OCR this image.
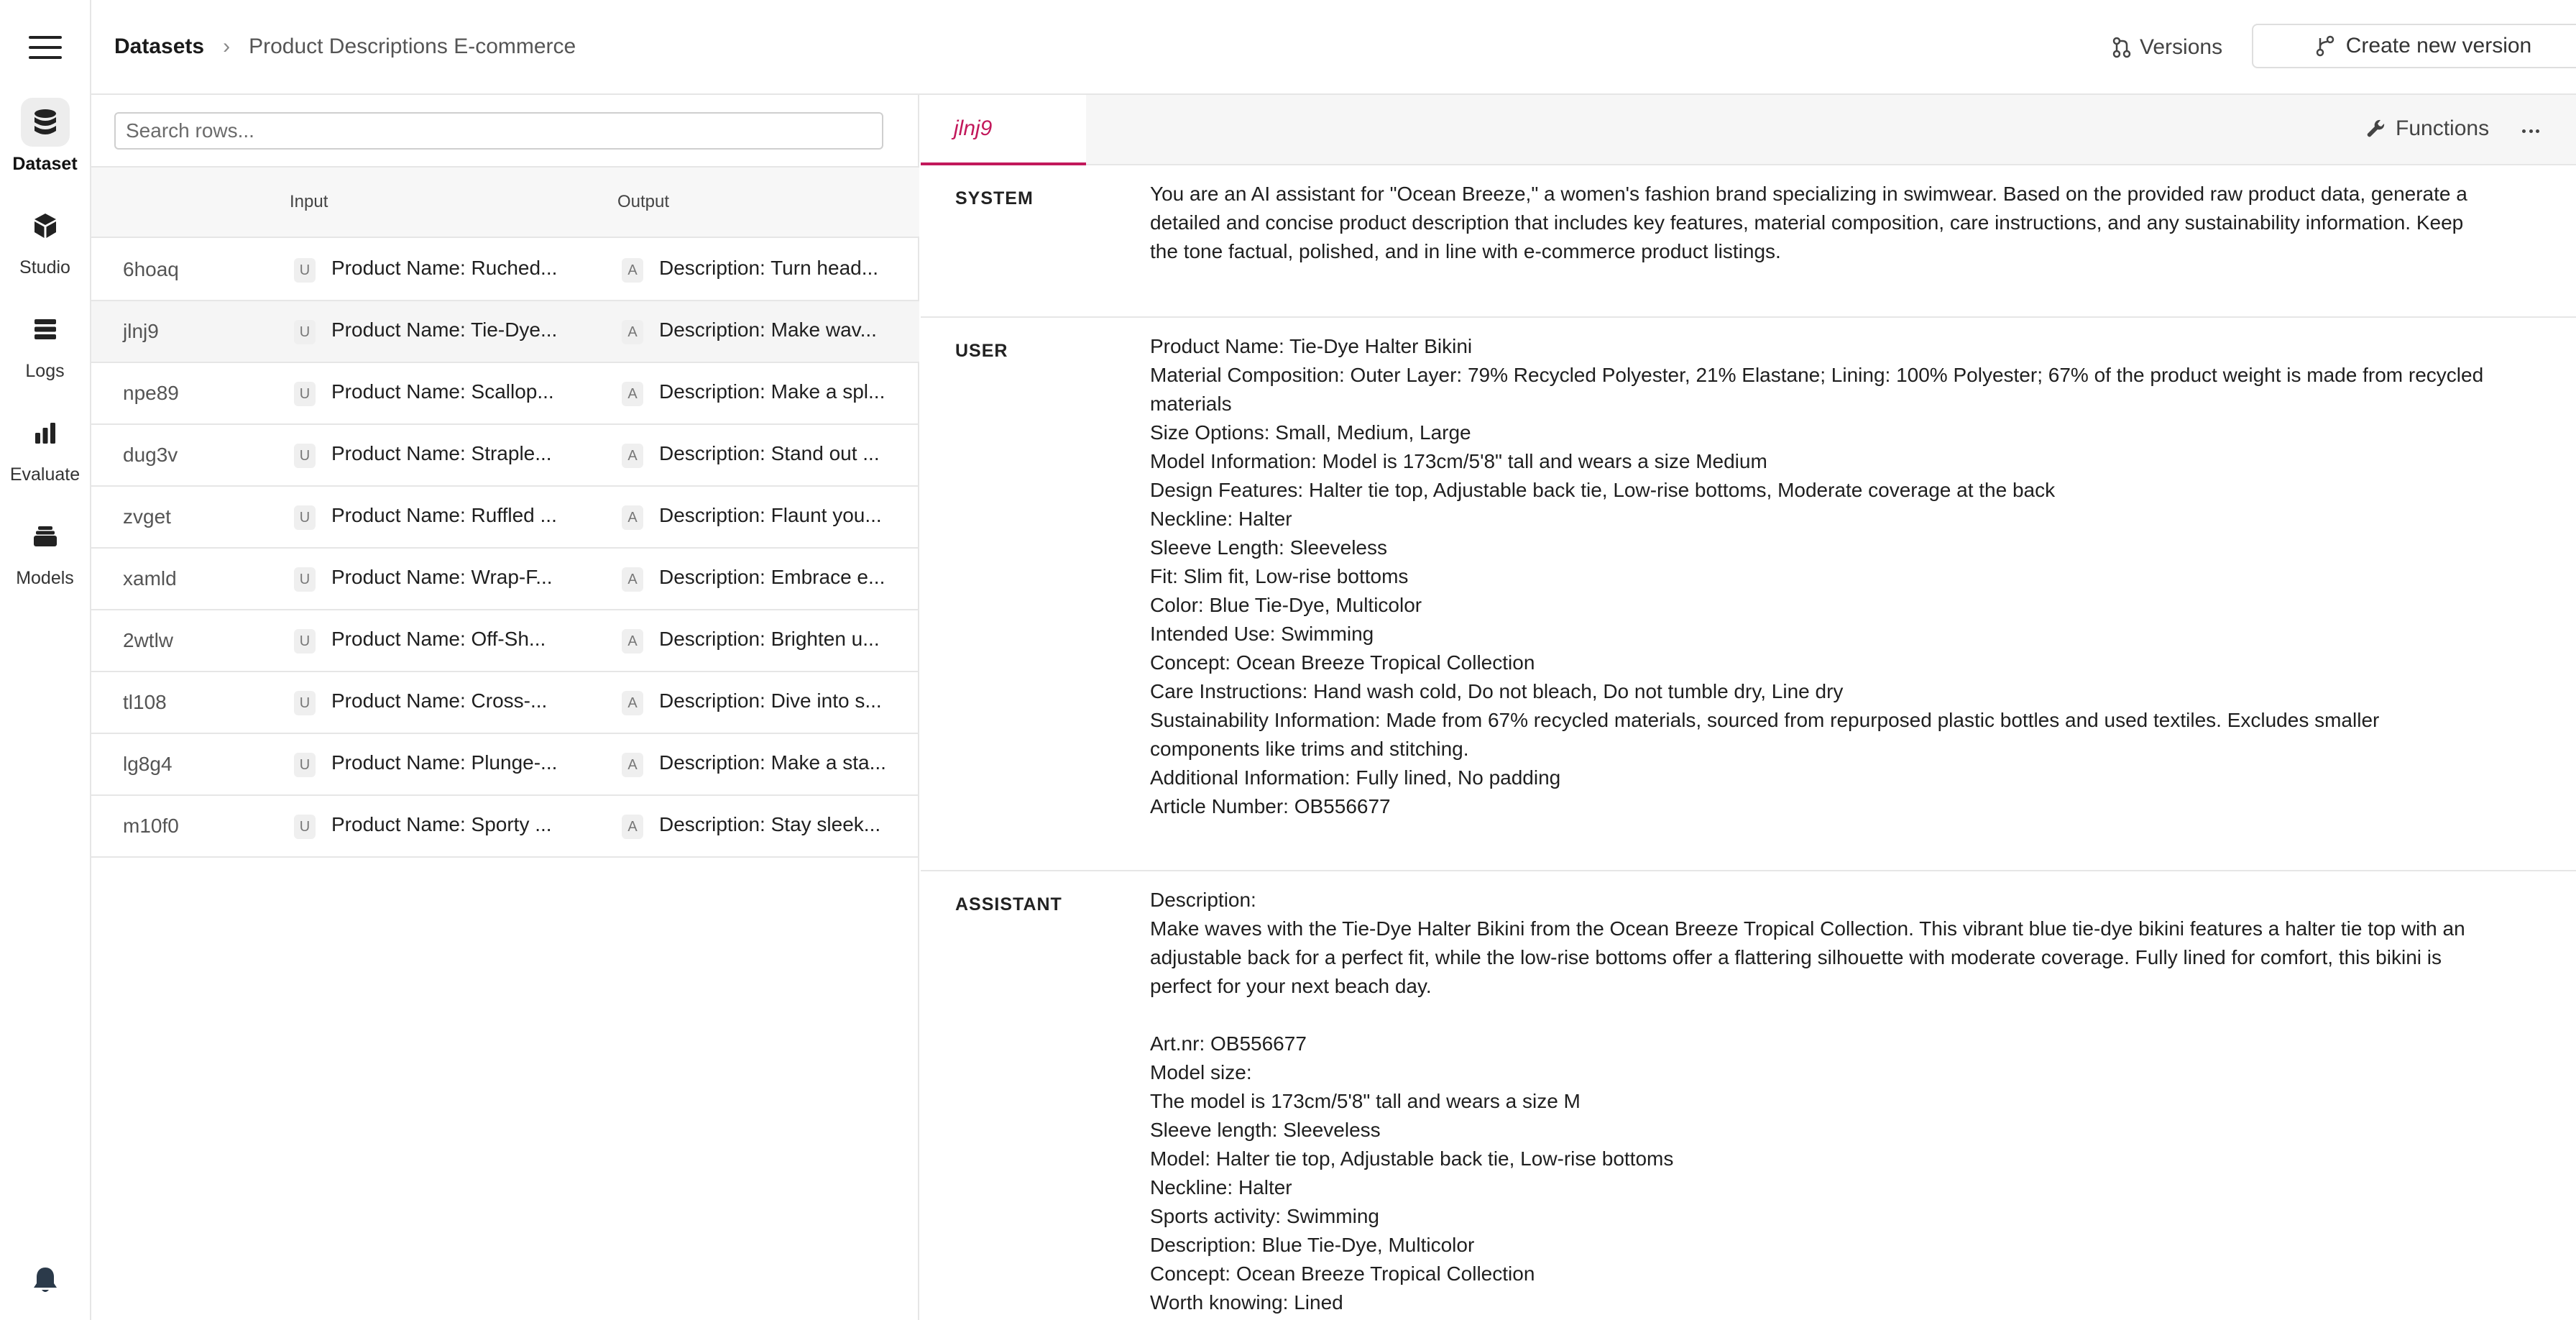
Dataset
Studio
Logs
Evaluate
Models
Datasets › Product Descriptions E-commerce	Versions	Create new version
Search rows...
Input	Output
6hoaq	U Product Name: Ruched...	A Description: Turn head...
jlnj9	U Product Name: Tie-Dye...	A Description: Make wav...
npe89	U Product Name: Scallop...	A Description: Make a spl...
dug3v	U Product Name: Straple...	A Description: Stand out ...
zvget	U Product Name: Ruffled ...	A Description: Flaunt you...
xamld	U Product Name: Wrap-F...	A Description: Embrace e...
2wtlw	U Product Name: Off-Sh...	A Description: Brighten u...
tl108	U Product Name: Cross-...	A Description: Dive into s...
lg8g4	U Product Name: Plunge-...	A Description: Make a sta...
m10f0	U Product Name: Sporty ...	A Description: Stay sleek...
jlnj9	Functions
SYSTEM	You are an AI assistant for "Ocean Breeze," a women's fashion brand specializing in swimwear. Based on the provided raw product data, generate a

detailed and concise product description that includes key features, material composition, care instructions, and any sustainability information. Keep

the tone factual, polished, and in line with e-commerce product listings.

USER	Product Name: Tie-Dye Halter Bikini

Material Composition: Outer Layer: 79% Recycled Polyester, 21% Elastane; Lining: 100% Polyester; 67% of the product weight is made from recycled

materials

Size Options: Small, Medium, Large

Model Information: Model is 173cm/5'8" tall and wears a size Medium

Design Features: Halter tie top, Adjustable back tie, Low-rise bottoms, Moderate coverage at the back

Neckline: Halter

Sleeve Length: Sleeveless

Fit: Slim fit, Low-rise bottoms

Color: Blue Tie-Dye, Multicolor

Intended Use: Swimming

Concept: Ocean Breeze Tropical Collection

Care Instructions: Hand wash cold, Do not bleach, Do not tumble dry, Line dry

Sustainability Information: Made from 67% recycled materials, sourced from repurposed plastic bottles and used textiles. Excludes smaller

components like trims and stitching.

Additional Information: Fully lined, No padding

Article Number: OB556677

ASSISTANT	Description:

Make waves with the Tie-Dye Halter Bikini from the Ocean Breeze Tropical Collection. This vibrant blue tie-dye bikini features a halter tie top with an

adjustable back for a perfect fit, while the low-rise bottoms offer a flattering silhouette with moderate coverage. Fully lined for comfort, this bikini is

perfect for your next beach day.

Art.nr: OB556677

Model size:

The model is 173cm/5'8" tall and wears a size M

Sleeve length: Sleeveless

Model: Halter tie top, Adjustable back tie, Low-rise bottoms

Neckline: Halter

Sports activity: Swimming

Description: Blue Tie-Dye, Multicolor

Concept: Ocean Breeze Tropical Collection

Worth knowing: Lined
